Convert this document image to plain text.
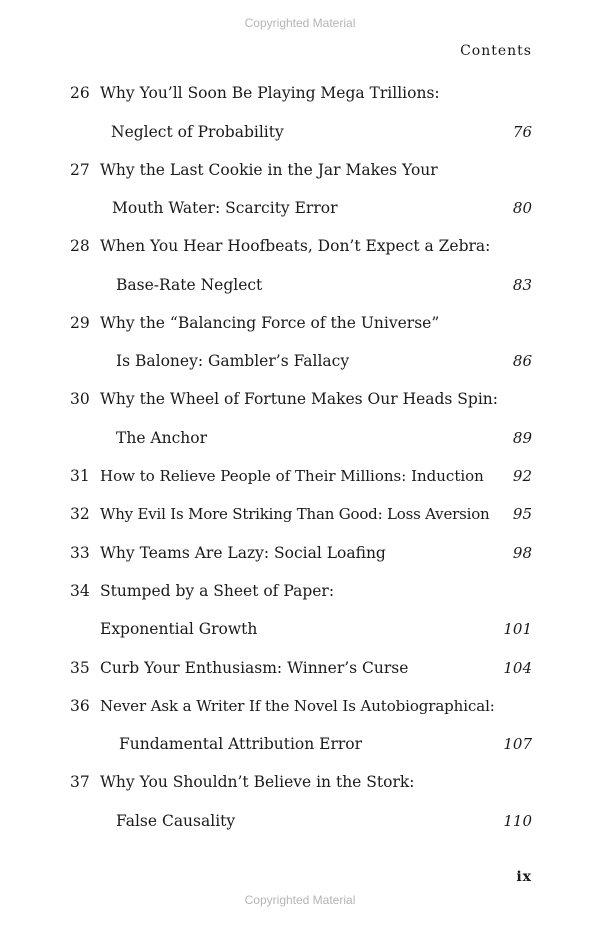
Copyrighted Material
Contents
26 Why You’ll Soon Be Playing Mega Trillions:
Neglect of Probability	76
27 Why the Last Cookie in the Jar Makes Your
Mouth Water: Scarcity Error	80
28 When You Hear Hoofbeats, Don’t Expect a Zebra:
Base-Rate Neglect	83
29 Why the “Balancing Force of the Universe”
Is Baloney: Gambler’s Fallacy	86
30 Why the Wheel of Fortune Makes Our Heads Spin:
The Anchor	89
31 How to Relieve People of Their Millions: Induction 92
32 Why Evil Is More Striking Than Good: Loss Aversion 95
33 Why Teams Are Lazy: Social Loafing	98
34 Stumped by a Sheet of Paper:
Exponential Growth	101
35 Curb Your Enthusiasm: Winner’s Curse	104
36 Never Ask a Writer If the Novel Is Autobiographical:
Fundamental Attribution Error	107
37 Why You Shouldn’t Believe in the Stork:
False Causality	110
ix
Copyrighted Material
